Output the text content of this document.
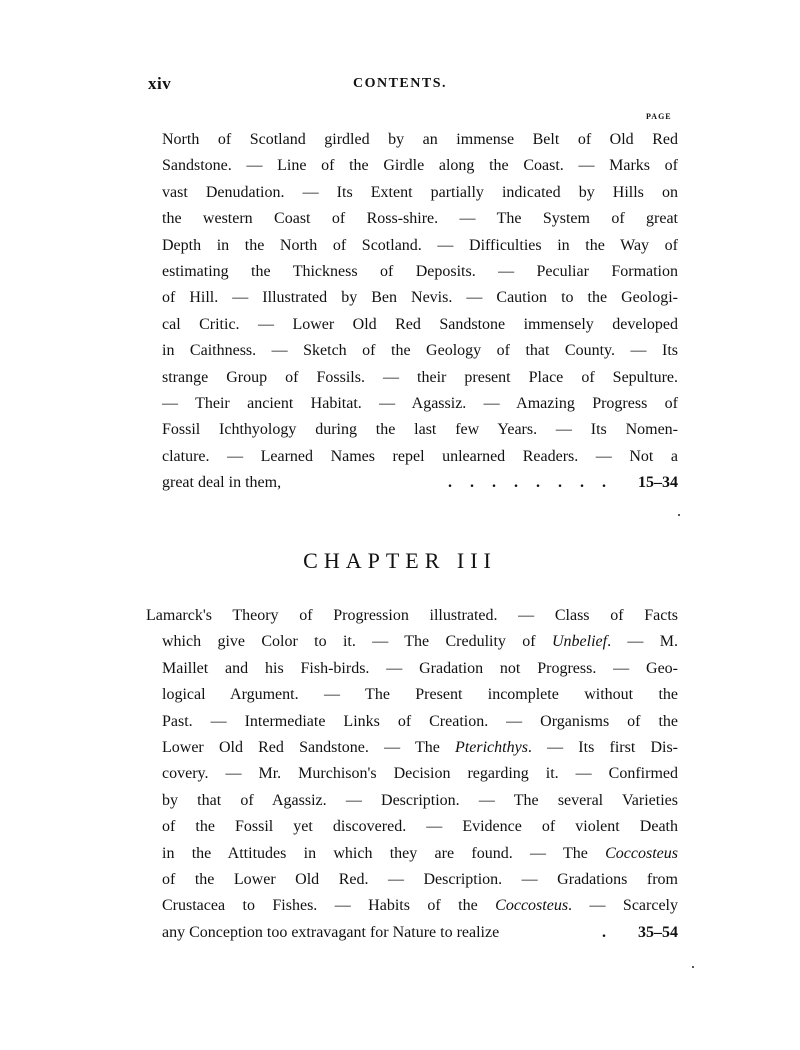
xiv	CONTENTS.
PAGE
North of Scotland girdled by an immense Belt of Old Red
Sandstone. — Line of the Girdle along the Coast. — Marks of
vast Denudation. — Its Extent partially indicated by Hills on
the western Coast of Ross-shire. — The System of great
Depth in the North of Scotland. — Difficulties in the Way of
estimating the Thickness of Deposits. — Peculiar Formation
of Hill. — Illustrated by Ben Nevis. — Caution to the Geologi-
cal Critic. — Lower Old Red Sandstone immensely developed
in Caithness. — Sketch of the Geology of that County. — Its
strange Group of Fossils. — their present Place of Sepulture.
— Their ancient Habitat. — Agassiz. — Amazing Progress of
Fossil Ichthyology during the last few Years. — Its Nomen-
clature. — Learned Names repel unlearned Readers. — Not a
great deal in them,	........ 15–34
CHAPTER III
Lamarck's Theory of Progression illustrated. — Class of Facts
which give Color to it. — The Credulity of Unbelief. — M.
Maillet and his Fish-birds. — Gradation not Progress. — Geo-
logical Argument. — The Present incomplete without the
Past. — Intermediate Links of Creation. — Organisms of the
Lower Old Red Sandstone. — The Pterichthys. — Its first Dis-
covery. — Mr. Murchison's Decision regarding it. — Confirmed
by that of Agassiz. — Description. — The several Varieties
of the Fossil yet discovered. — Evidence of violent Death
in the Attitudes in which they are found. — The Coccosteus
of the Lower Old Red. — Description. — Gradations from
Crustacea to Fishes. — Habits of the Coccosteus. — Scarcely
any Conception too extravagant for Nature to realize	. 35–54
